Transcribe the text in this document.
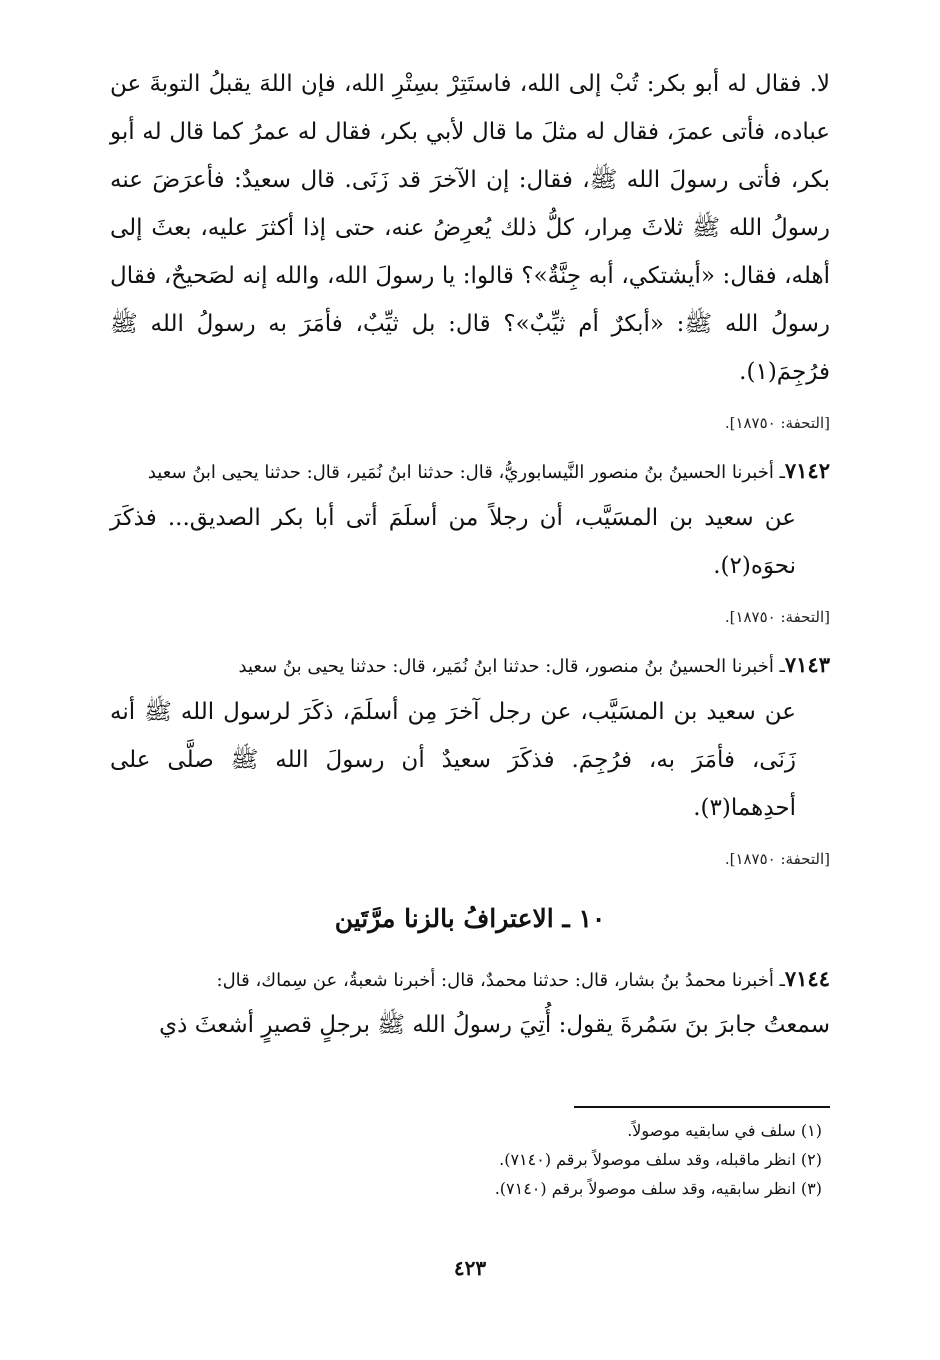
لا. فقال له أبو بكر: تُبْ إلى الله، فاستَتِرْ بسِتْرِ الله، فإن اللهَ يقبلُ التوبةَ عن عباده، فأتى عمرَ، فقال له مثلَ ما قال لأبي بكر، فقال له عمرُ كما قال له أبو بكر، فأتى رسولَ الله ﷺ، فقال: إن الآخرَ قد زَنَى. قال سعيدٌ: فأعرَضَ عنه رسولُ الله ﷺ ثلاثَ مِرار، كلُّ ذلك يُعرِضُ عنه، حتى إذا أكثرَ عليه، بعثَ إلى أهله، فقال: «أيشتكي، أبه جِنَّةٌ»؟ قالوا: يا رسولَ الله، والله إنه لصَحيحٌ، فقال رسولُ الله ﷺ: «أبكرٌ أم ثيِّبٌ»؟ قال: بل ثيِّبٌ، فأمَرَ به رسولُ الله ﷺ فرُجِمَ(١).

[التحفة: ١٨٧٥٠].

٧١٤٢ـ أخبرنا الحسينُ بنُ منصور النَّيسابوريُّ، قال: حدثنا ابنُ نُمَير، قال: حدثنا يحيى ابنُ سعيد

عن سعيد بن المسَيَّب، أن رجلاً من أسلَمَ أتى أبا بكر الصديق... فذكَرَ نحوَه(٢).

[التحفة: ١٨٧٥٠].

٧١٤٣ـ أخبرنا الحسينُ بنُ منصور، قال: حدثنا ابنُ نُمَير، قال: حدثنا يحيى بنُ سعيد

عن سعيد بن المسَيَّب، عن رجل آخرَ مِن أسلَمَ، ذكَرَ لرسول الله ﷺ أنه زَنَى، فأمَرَ به، فرُجِمَ. فذكَرَ سعيدٌ أن رسولَ الله ﷺ صلَّى على أحدِهما(٣).

[التحفة: ١٨٧٥٠].

١٠ ـ الاعترافُ بالزنا مرَّتَين

٧١٤٤ـ أخبرنا محمدُ بنُ بشار، قال: حدثنا محمدٌ، قال: أخبرنا شعبةُ، عن سِماك، قال:

سمعتُ جابرَ بنَ سَمُرةَ يقول: أُتِيَ رسولُ الله ﷺ برجلٍ قصيرٍ أشعثَ ذي

(١) سلف في سابقيه موصولاً.

(٢) انظر ماقبله، وقد سلف موصولاً برقم (٧١٤٠).

(٣) انظر سابقيه، وقد سلف موصولاً برقم (٧١٤٠).

٤٢٣
